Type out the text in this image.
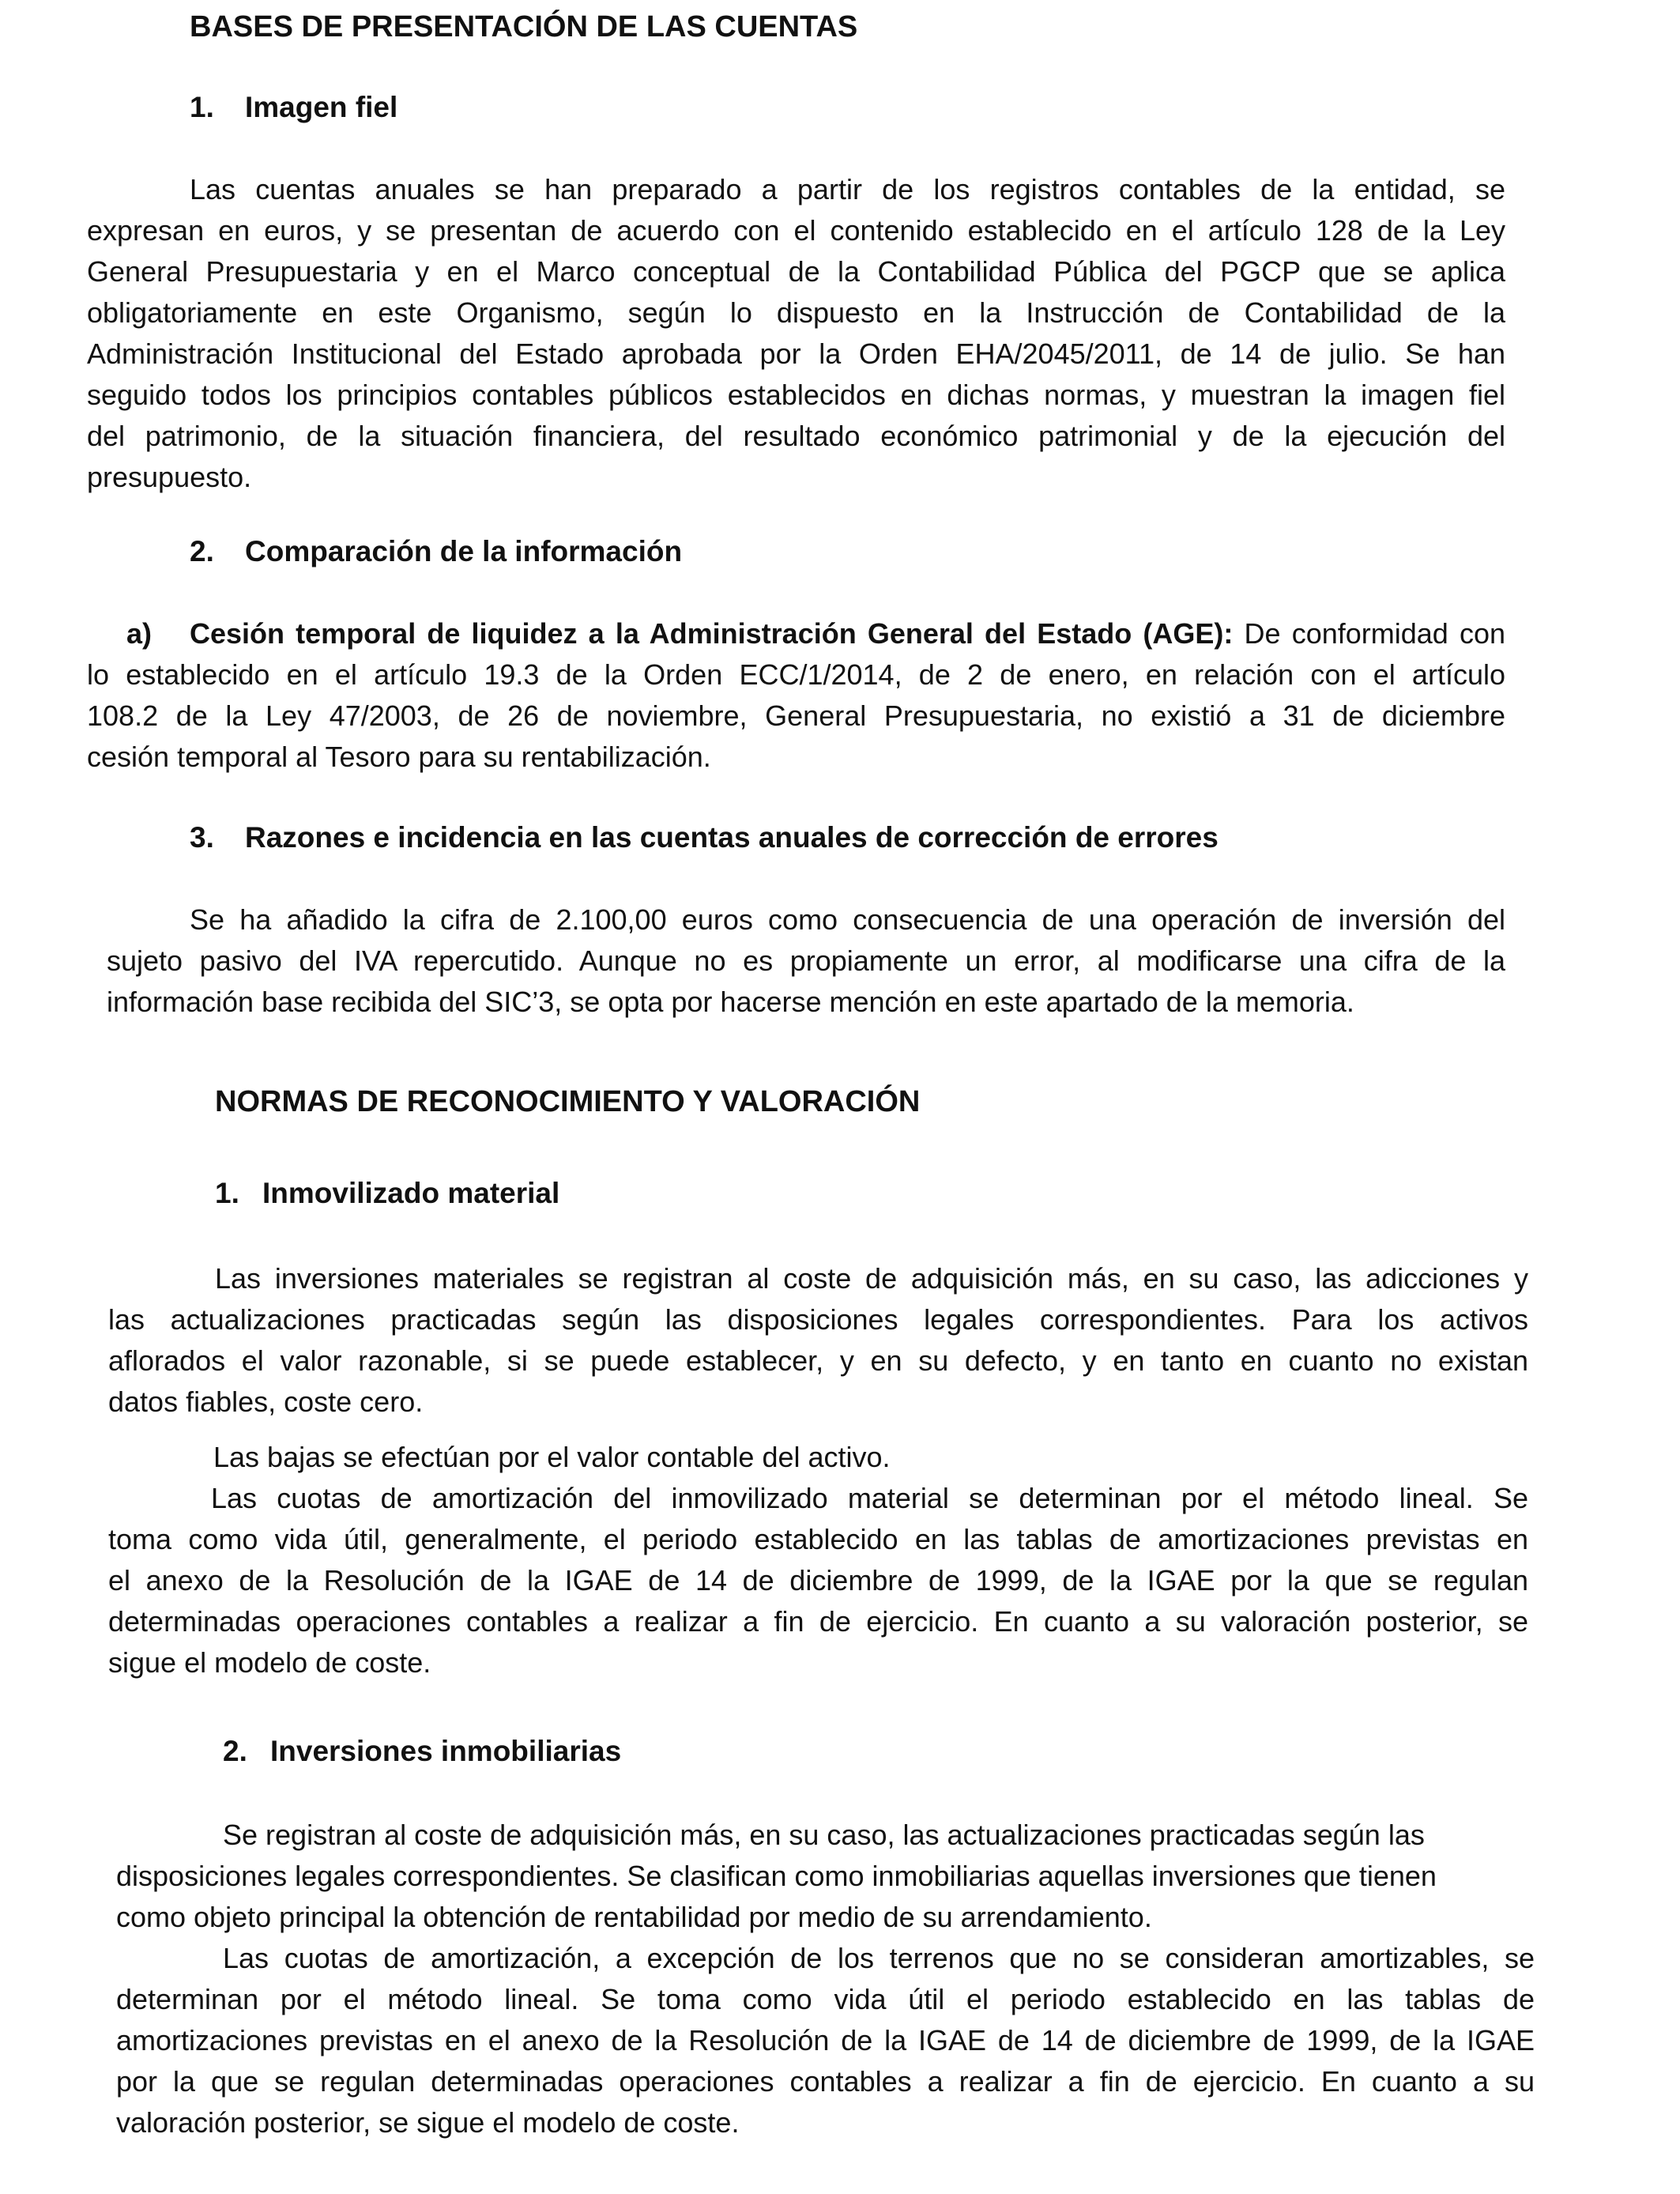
BASES DE PRESENTACIÓN DE LAS CUENTAS
1. Imagen fiel
Las cuentas anuales se han preparado a partir de los registros contables de la entidad, se
expresan en euros, y se presentan de acuerdo con el contenido establecido en el artículo 128 de la Ley
General Presupuestaria y en el Marco conceptual de la Contabilidad Pública del PGCP que se aplica
obligatoriamente en este Organismo, según lo dispuesto en la Instrucción de Contabilidad de la
Administración Institucional del Estado aprobada por la Orden EHA/2045/2011, de 14 de julio. Se han
seguido todos los principios contables públicos establecidos en dichas normas, y muestran la imagen fiel
del patrimonio, de la situación financiera, del resultado económico patrimonial y de la ejecución del
presupuesto.
2. Comparación de la información
a) Cesión temporal de liquidez a la Administración General del Estado (AGE): De conformidad con
lo establecido en el artículo 19.3 de la Orden ECC/1/2014, de 2 de enero, en relación con el artículo
108.2 de la Ley 47/2003, de 26 de noviembre, General Presupuestaria, no existió a 31 de diciembre
cesión temporal al Tesoro para su rentabilización.
3. Razones e incidencia en las cuentas anuales de corrección de errores
Se ha añadido la cifra de 2.100,00 euros como consecuencia de una operación de inversión del
sujeto pasivo del IVA repercutido. Aunque no es propiamente un error, al modificarse una cifra de la
información base recibida del SIC’3, se opta por hacerse mención en este apartado de la memoria.
NORMAS DE RECONOCIMIENTO Y VALORACIÓN
1. Inmovilizado material
Las inversiones materiales se registran al coste de adquisición más, en su caso, las adicciones y
las actualizaciones practicadas según las disposiciones legales correspondientes. Para los activos
aflorados el valor razonable, si se puede establecer, y en su defecto, y en tanto en cuanto no existan
datos fiables, coste cero.

Las bajas se efectúan por el valor contable del activo.

Las cuotas de amortización del inmovilizado material se determinan por el método lineal. Se
toma como vida útil, generalmente, el periodo establecido en las tablas de amortizaciones previstas en
el anexo de la Resolución de la IGAE de 14 de diciembre de 1999, de la IGAE por la que se regulan
determinadas operaciones contables a realizar a fin de ejercicio. En cuanto a su valoración posterior, se
sigue el modelo de coste.
2. Inversiones inmobiliarias
Se registran al coste de adquisición más, en su caso, las actualizaciones practicadas según las
disposiciones legales correspondientes. Se clasifican como inmobiliarias aquellas inversiones que tienen
como objeto principal la obtención de rentabilidad por medio de su arrendamiento.
Las cuotas de amortización, a excepción de los terrenos que no se consideran amortizables, se
determinan por el método lineal. Se toma como vida útil el periodo establecido en las tablas de
amortizaciones previstas en el anexo de la Resolución de la IGAE de 14 de diciembre de 1999, de la IGAE
por la que se regulan determinadas operaciones contables a realizar a fin de ejercicio. En cuanto a su
valoración posterior, se sigue el modelo de coste.
